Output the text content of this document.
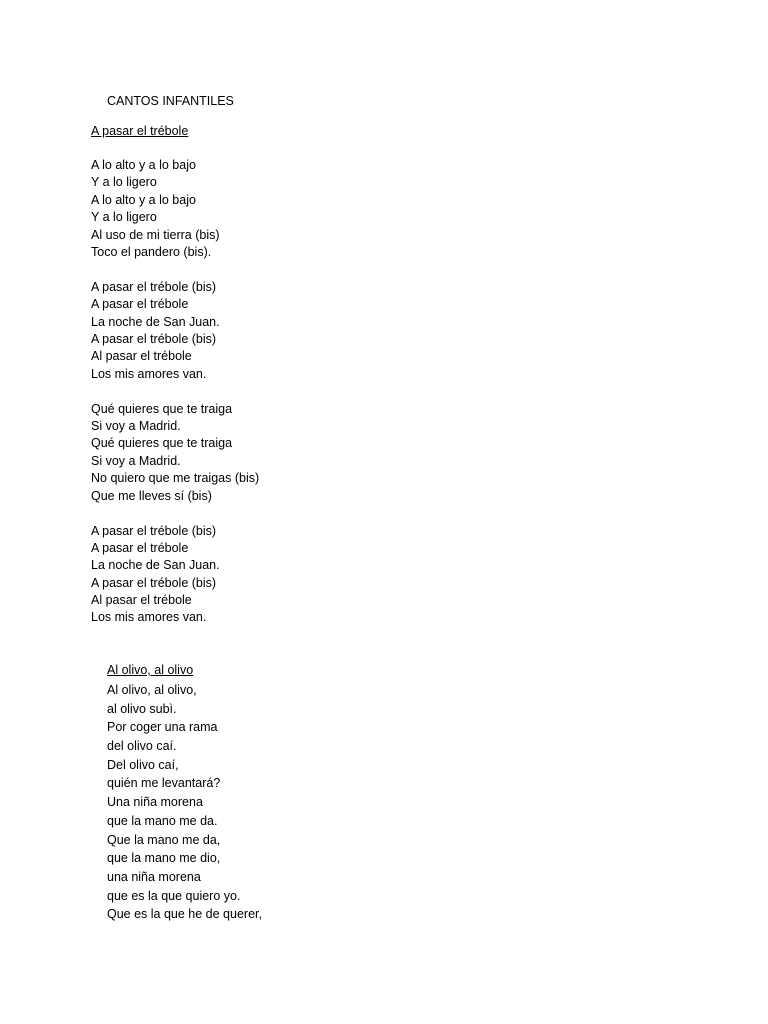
CANTOS INFANTILES
A pasar el trébole
A lo alto y a lo bajo
Y a lo ligero
A lo alto y a lo bajo
Y a lo ligero
Al uso de mi tierra (bis)
Toco el pandero (bis).
A pasar el trébole (bis)
A pasar el trébole
La noche de San Juan.
A pasar el trébole (bis)
Al pasar el trébole
Los mis amores van.
Qué quieres que te traiga
Si voy a Madrid.
Qué quieres que te traiga
Si voy a Madrid.
No quiero que me traigas (bis)
Que me lleves sí (bis)
A pasar el trébole (bis)
A pasar el trébole
La noche de San Juan.
A pasar el trébole (bis)
Al pasar el trébole
Los mis amores van.
Al olivo, al olivo
Al olivo, al olivo,
al olivo subì.
Por coger una rama
del olivo caí.
Del olivo caí,
quién me levantará?
Una niña morena
que la mano me da.
Que la mano me da,
que la mano me dio,
una niña morena
que es la que quiero yo.
Que es la que he de querer,
